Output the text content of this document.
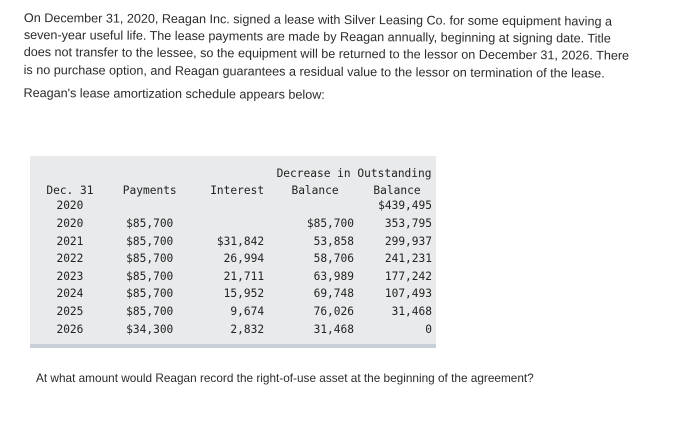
On December 31, 2020, Reagan Inc. signed a lease with Silver Leasing Co. for some equipment having a

seven-year useful life. The lease payments are made by Reagan annually, beginning at signing date. Title

does not transfer to the lessee, so the equipment will be returned to the lessor on December 31, 2026. There

is no purchase option, and Reagan guarantees a residual value to the lessor on termination of the lease.

Reagan's lease amortization schedule appears below:

			Decrease in Outstanding	
Dec. 31	Payments	Interest	Balance	Balance
2020				$439,495
2020	$85,700		$85,700	353,795
2021	$85,700	$31,842	53,858	299,937
2022	$85,700	26,994	58,706	241,231
2023	$85,700	21,711	63,989	177,242
2024	$85,700	15,952	69,748	107,493
2025	$85,700	9,674	76,026	31,468
2026	$34,300	2,832	31,468	0
At what amount would Reagan record the right-of-use asset at the beginning of the agreement?
